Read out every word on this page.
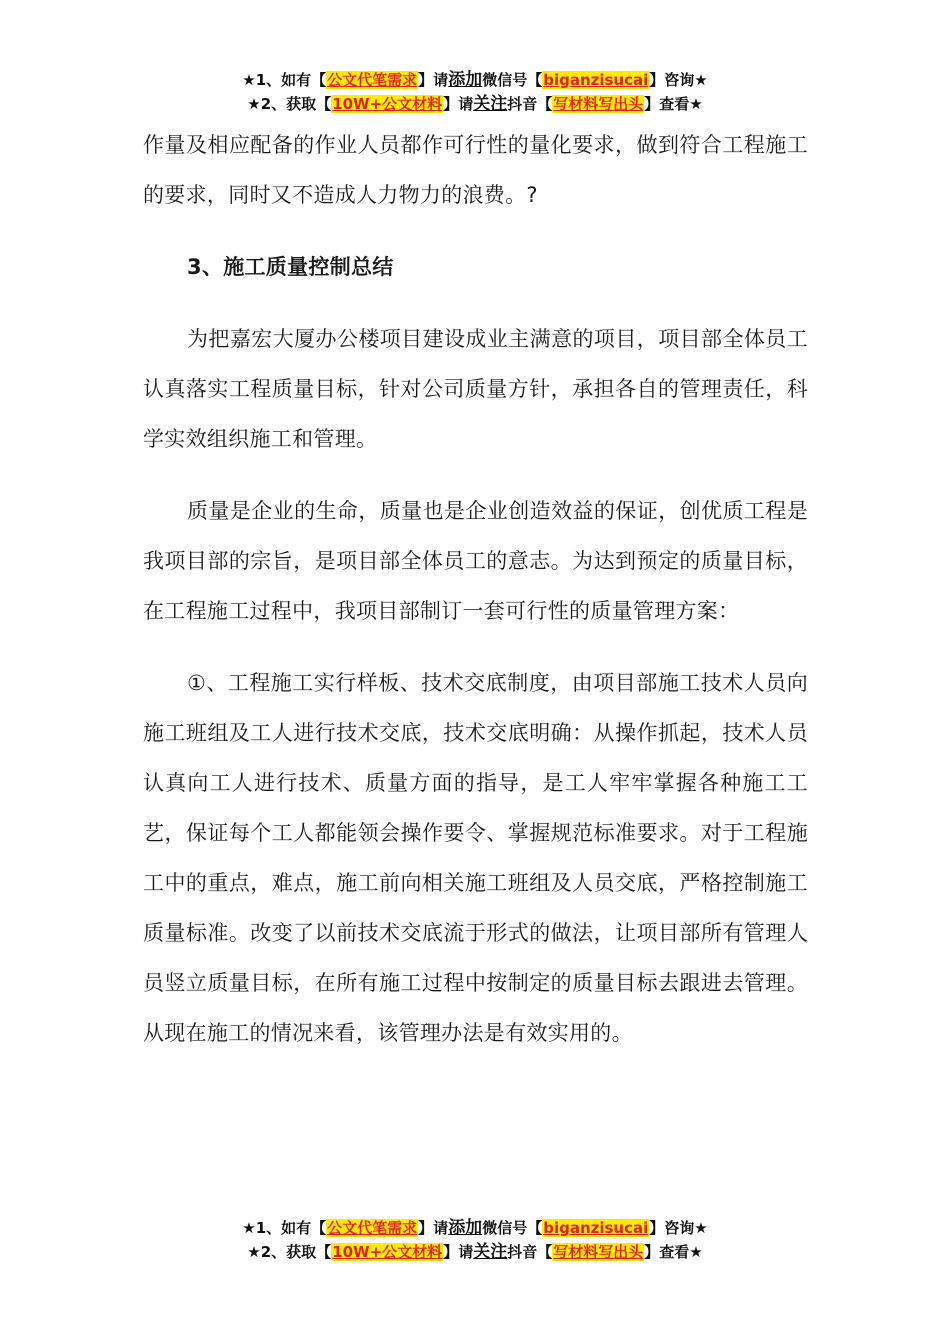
★1、如有【公文代笔需求】请添加微信号【biganzisucai】咨询★
★2、获取【10W+公文材料】请关注抖音【写材料写出头】查看★

作量及相应配备的作业人员都作可行性的量化要求，做到符合工程施工的要求，同时又不造成人力物力的浪费。?

3、施工质量控制总结

为把嘉宏大厦办公楼项目建设成业主满意的项目，项目部全体员工认真落实工程质量目标，针对公司质量方针，承担各自的管理责任，科学实效组织施工和管理。

质量是企业的生命，质量也是企业创造效益的保证，创优质工程是我项目部的宗旨，是项目部全体员工的意志。为达到预定的质量目标，在工程施工过程中，我项目部制订一套可行性的质量管理方案：

①、工程施工实行样板、技术交底制度，由项目部施工技术人员向施工班组及工人进行技术交底，技术交底明确：从操作抓起，技术人员认真向工人进行技术、质量方面的指导，是工人牢牢掌握各种施工工艺，保证每个工人都能领会操作要令、掌握规范标准要求。对于工程施工中的重点，难点，施工前向相关施工班组及人员交底，严格控制施工质量标准。改变了以前技术交底流于形式的做法，让项目部所有管理人员竖立质量目标，在所有施工过程中按制定的质量目标去跟进去管理。从现在施工的情况来看，该管理办法是有效实用的。

★1、如有【公文代笔需求】请添加微信号【biganzisucai】咨询★
★2、获取【10W+公文材料】请关注抖音【写材料写出头】查看★
